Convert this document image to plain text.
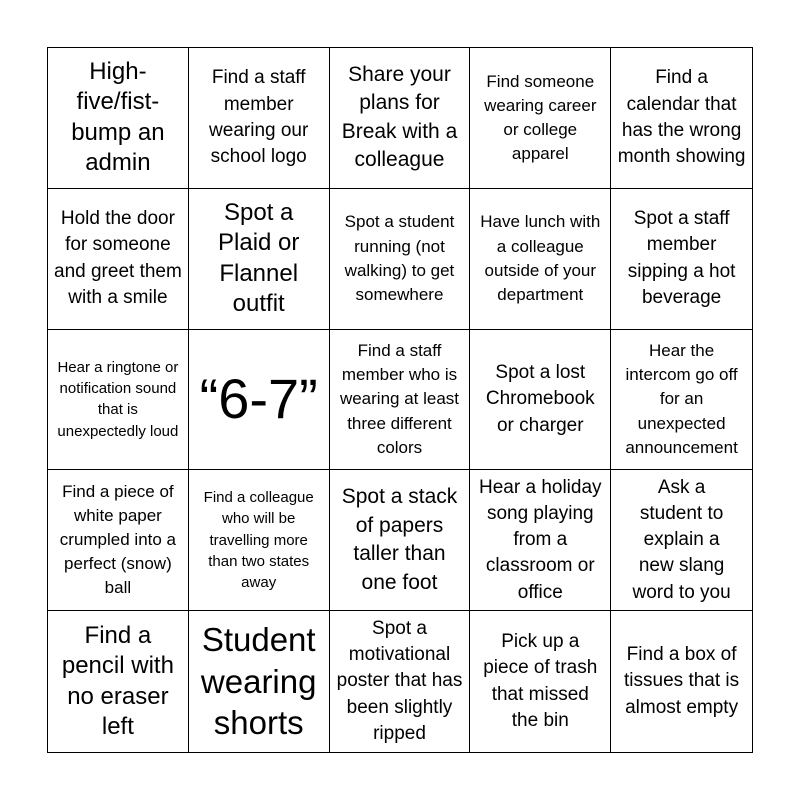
High-five/fist-bump an admin
Find a staff member wearing our school logo
Share your plans for Break with a colleague
Find someone wearing career or college apparel
Find a calendar that has the wrong month showing
Hold the door for someone and greet them with a smile
Spot a Plaid or Flannel outfit
Spot a student running (not walking) to get somewhere
Have lunch with a colleague outside of your department
Spot a staff member sipping a hot beverage
Hear a ringtone or notification sound that is unexpectedly loud
“6-7”
Find a staff member who is wearing at least three different colors
Spot a lost Chromebook or charger
Hear the intercom go off for an unexpected announcement
Find a piece of white paper crumpled into a perfect (snow) ball
Find a colleague who will be travelling more than two states away
Spot a stack of papers taller than one foot
Hear a holiday song playing from a classroom or office
Ask a student to explain a new slang word to you
Find a pencil with no eraser left
Student wearing shorts
Spot a motivational poster that has been slightly ripped
Pick up a piece of trash that missed the bin
Find a box of tissues that is almost empty
